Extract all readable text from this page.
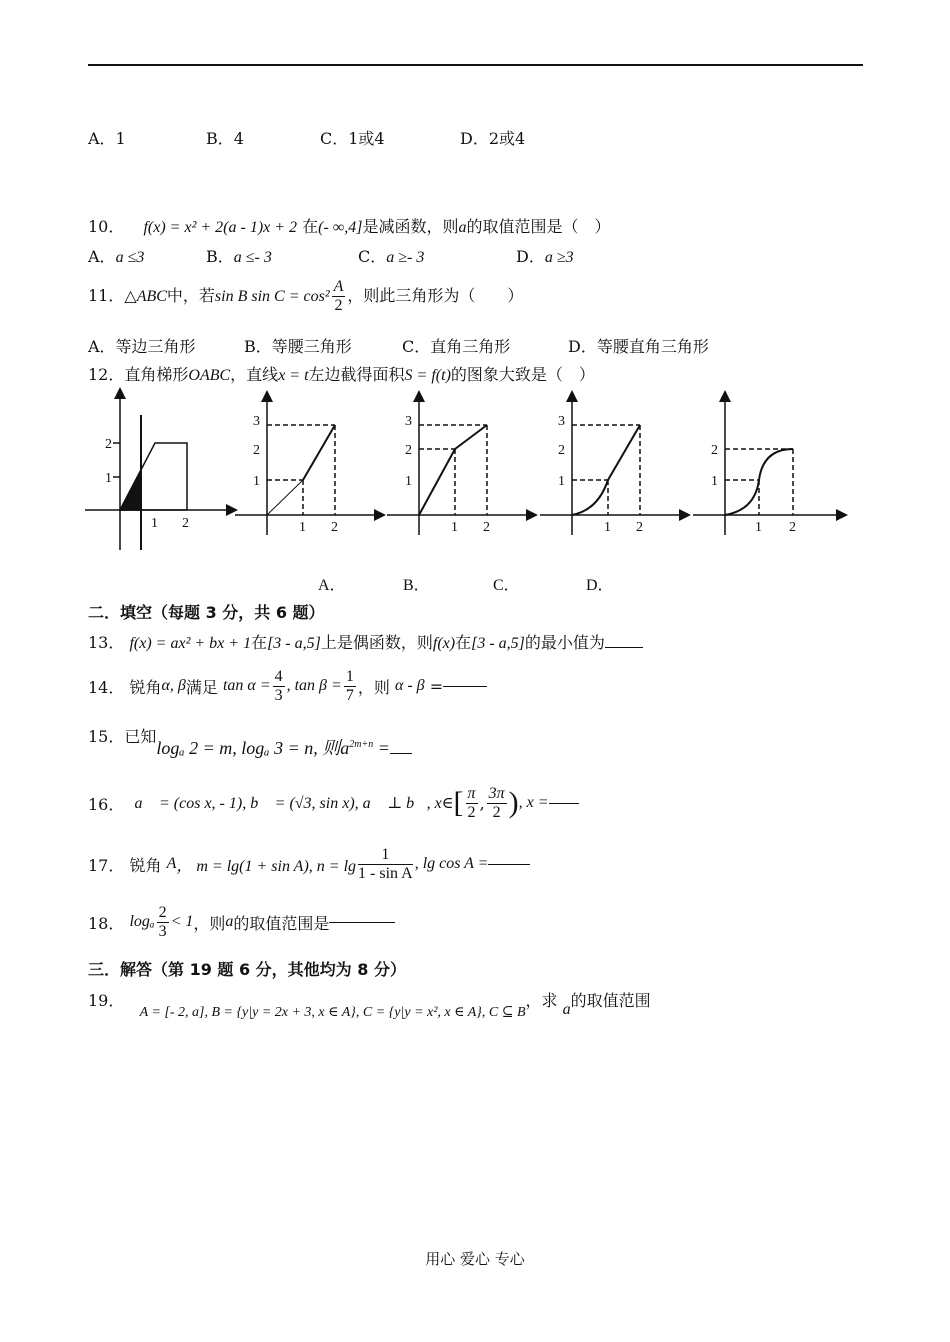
A．1	B．4	C．1或4	D．2或4
10． f(x) = x² + 2(a - 1)x + 2 在(- ∞,4]是减函数，则a的取值范围是（　）
A．a ≤3	B．a ≤- 3	C．a ≥- 3	D．a ≥3
11．△ABC中，若sin B $\sin C = \cos^2 \frac{A}{2}$ ，则此三角形为（　　）
A．等边三角形	B．等腰三角形	C．直角三角形	D．等腰直角三角形
12．直角梯形OABC，直线x = t左边截得面积S = f(t)的图象大致是（　）
2
1
1 2
3
2
1
1 2
3
2
1
1 2
3
2
1
1 2
2
1
1 2
A．	B．	C．	D．
二．填空（每题 3 分，共 6 题）
13． f(x) = ax² + bx + 1在[3 - a,5]上是偶函数，则f(x)在[3 - a,5]的最小值为
14．
锐角 α, β 满足
$\tan \alpha = \frac{4}{3}$ , $\tan \beta = \frac{1}{7}$ ，则
α - β
=
15．已知logₐ 2 = m, logₐ 3 = n, 则$a^{2m+n}$ =
16．
a⃗ = (cos x, - 1), b⃗ = (√3, sin x), a⃗ ⊥ b⃗, x∈ [ $\frac{\pi}{2}$ , $\frac{3\pi}{2}$ ) , x =
17．
锐角
A ， m = lg(1 + sin A), $n = \lg \frac{1}{\text{1 - sin A}}$ , lg cos A =
18．
logₐ $\frac{2}{3} < 1$ ，则 a 的取值范围是
三．解答（第 19 题 6 分，其他均为 8 分）
19．   A = [- 2, a], B = {y|y = 2x + 3, x ∈ A}, C = {y|y = x², x ∈ A}, C ⊆ B，求 a的取值范围
用心 爱心 专心
